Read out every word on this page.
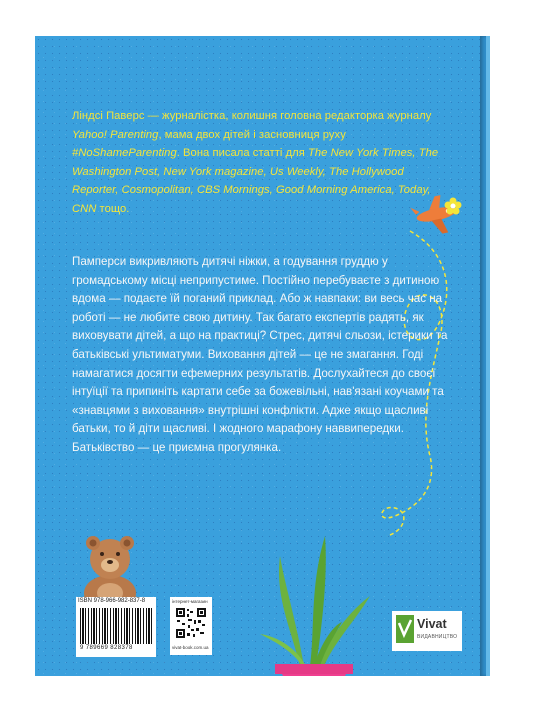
Ліндсі Паверс — журналістка, колишня головна редакторка журналу Yahoo! Parenting, мама двох дітей і засновниця руху #NoShameParenting. Вона писала статті для The New York Times, The Washington Post, New York magazine, Us Weekly, The Hollywood Reporter, Cosmopolitan, CBS Mornings, Good Morning America, Today, CNN тощо.
Памперси викривляють дитячі ніжки, а годування груддю у громадському місці неприпустиме. Постійно перебуваєте з дитиною вдома — подаєте їй поганий приклад. Або ж навпаки: ви весь час на роботі — не любите свою дитину. Так багато експертів радять, як виховувати дітей, а що на практиці? Стрес, дитячі сльози, істерики та батьківські ультиматуми. Виховання дітей — це не змагання. Годі намагатися досягти ефемерних результатів. Дослухайтеся до своєї інтуїції та припиніть картати себе за божевільні, нав'язані коучами та «знавцями з виховання» внутрішні конфлікти. Адже якщо щасливі батьки, то й діти щасливі. І жодного марафону наввипередки. Батьківство — це приємна прогулянка.
ISBN 978-966-982-837-8
9 789669 828378
інтернет-магазин
vivat-book.com.ua
Vivat
ВИДАВНИЦТВО
